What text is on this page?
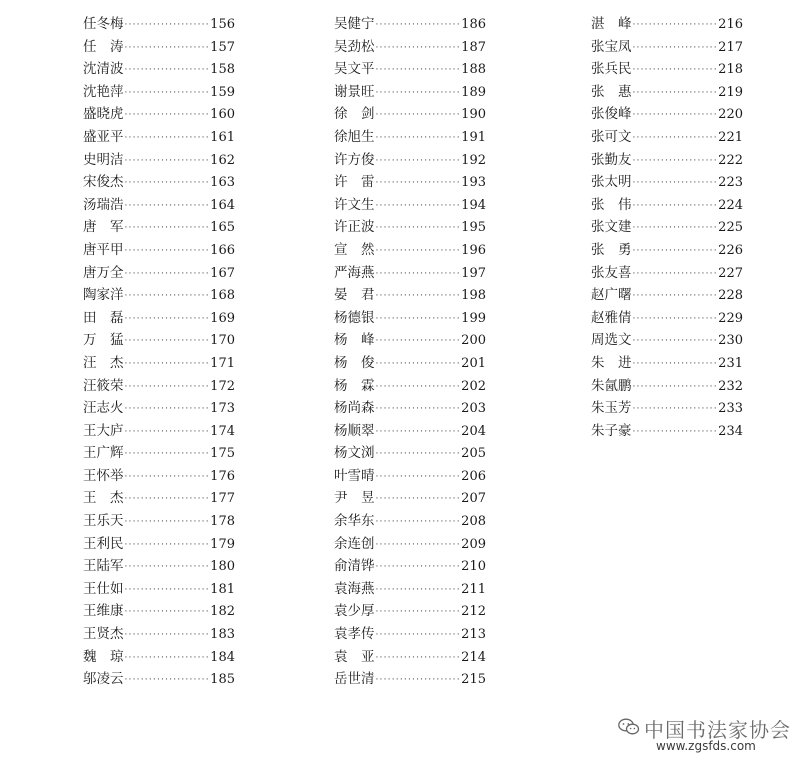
任冬梅 ·····	156
任　涛 ·····	157
沈清波 ·····	158
沈艳萍 ·····	159
盛晓虎 ·····	160
盛亚平 ·····	161
史明洁 ·····	162
宋俊杰 ·····	163
汤瑞浩 ·····	164
唐　军 ·····	165
唐平甲 ·····	166
唐万全 ·····	167
陶家洋 ·····	168
田　磊 ·····	169
万　猛 ·····	170
汪　杰 ·····	171
汪筱荣 ·····	172
汪志火 ·····	173
王大庐 ·····	174
王广辉 ·····	175
王怀举 ·····	176
王　杰 ·····	177
王乐天 ·····	178
王利民 ·····	179
王陆军 ·····	180
王仕如 ·····	181
王维康 ·····	182
王贤杰 ·····	183
魏　琼 ·····	184
邬凌云 ·····	185
吴健宁 ·····	186
吴劲松 ·····	187
吴文平 ·····	188
谢景旺 ·····	189
徐　剑 ·····	190
徐旭生 ·····	191
许方俊 ·····	192
许　雷 ·····	193
许文生 ·····	194
许正波 ·····	195
宣　然 ·····	196
严海燕 ·····	197
晏　君 ·····	198
杨德银 ·····	199
杨　峰 ·····	200
杨　俊 ·····	201
杨　霖 ·····	202
杨尚森 ·····	203
杨顺翠 ·····	204
杨文浏 ·····	205
叶雪晴 ·····	206
尹　昱 ·····	207
余华东 ·····	208
余连创 ·····	209
俞清铧 ·····	210
袁海燕 ·····	211
袁少厚 ·····	212
袁孝传 ·····	213
袁　亚 ·····	214
岳世清 ·····	215
湛　峰 ·····	216
张宝凤 ·····	217
张兵民 ·····	218
张　惠 ·····	219
张俊峰 ·····	220
张可文 ·····	221
张勤友 ·····	222
张太明 ·····	223
张　伟 ·····	224
张文建 ·····	225
张　勇 ·····	226
张友喜 ·····	227
赵广曙 ·····	228
赵雅倩 ·····	229
周选文 ·····	230
朱　进 ·····	231
朱氤鹏 ·····	232
朱玉芳 ·····	233
朱子豪 ·····	234
中国书法家协会
www.zgsfds.com
